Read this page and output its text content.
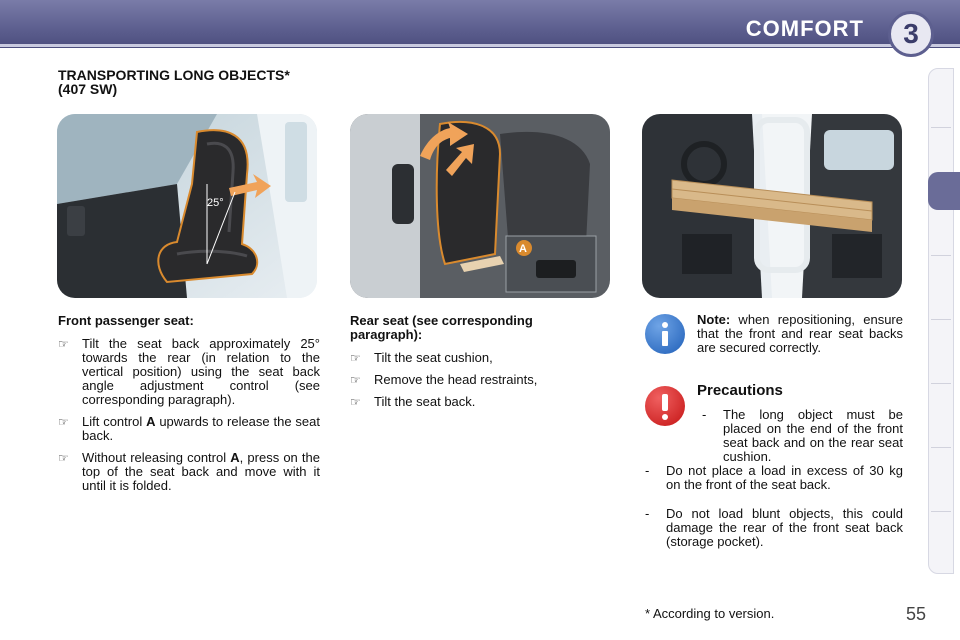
COMFORT 3
TRANSPORTING LONG OBJECTS*
(407 SW)
25°
A
Front passenger seat:
☞ Tilt the seat back approximately 25° towards the rear (in relation to the vertical position) using the seat back angle adjustment control (see corresponding paragraph).
☞ Lift control A upwards to release the seat back.
☞ Without releasing control A, press on the top of the seat back and move with it until it is folded.
Rear seat (see corresponding
paragraph):
☞ Tilt the seat cushion,
☞ Remove the head restraints,
☞ Tilt the seat back.
Note: when repositioning, ensure that the front and rear seat backs are secured correctly.
Precautions
-	The long object must be placed on the end of the front seat back and on the rear seat cushion.
-	Do not place a load in excess of 30 kg on the front of the seat back.
-	Do not load blunt objects, this could damage the rear of the front seat back (storage pocket).
* According to version.	55
